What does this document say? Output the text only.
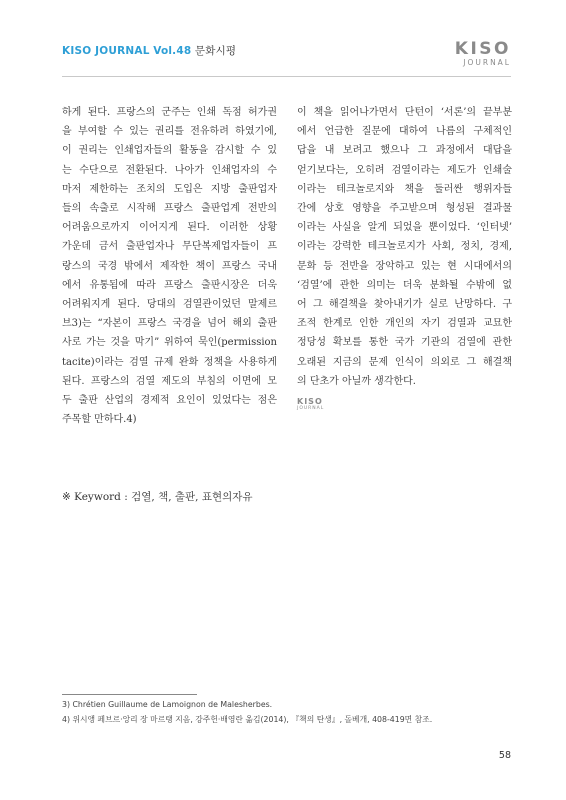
KISO JOURNAL Vol.48 문화시평	KISO
JOURNAL
하게 된다. 프랑스의 군주는 인쇄 독점 허가권
을 부여할 수 있는 권리를 전유하려 하였기에,
이 권리는 인쇄업자들의 활동을 감시할 수 있
는 수단으로 전환된다. 나아가 인쇄업자의 수
마저 제한하는 조치의 도입은 지방 출판업자
들의 속출로 시작해 프랑스 출판업계 전반의
어려움으로까지 이어지게 된다. 이러한 상황
가운데 금서 출판업자나 무단복제업자들이 프
랑스의 국경 밖에서 제작한 책이 프랑스 국내
에서 유통됨에 따라 프랑스 출판시장은 더욱
어려워지게 된다. 당대의 검열관이었던 말제르
브3)는 “자본이 프랑스 국경을 넘어 해외 출판
사로 가는 것을 막기” 위하여 묵인(permission
tacite)이라는 검열 규제 완화 정책을 사용하게
된다. 프랑스의 검열 제도의 부침의 이면에 모
두 출판 산업의 경제적 요인이 있었다는 점은
주목할 만하다.4)
이 책을 읽어나가면서 단턴이 ‘서론’의 끝부분
에서 언급한 질문에 대하여 나름의 구체적인
답을 내 보려고 했으나 그 과정에서 대답을
얻기보다는, 오히려 검열이라는 제도가 인쇄술
이라는 테크놀로지와 책을 둘러싼 행위자들
간에 상호 영향을 주고받으며 형성된 결과물
이라는 사실을 알게 되었을 뿐이었다. ‘인터넷’
이라는 강력한 테크놀로지가 사회, 정치, 경제,
문화 등 전반을 장악하고 있는 현 시대에서의
‘검열’에 관한 의미는 더욱 분화될 수밖에 없
어 그 해결책을 찾아내기가 실로 난망하다. 구
조적 한계로 인한 개인의 자기 검열과 교묘한
정당성 확보를 통한 국가 기관의 검열에 관한
오래된 지금의 문제 인식이 의외로 그 해결책
의 단초가 아닐까 생각한다.
KISO
JOURNAL
※ Keyword : 검열, 책, 출판, 표현의자유
3) Chrétien Guillaume de Lamoignon de Malesherbes.
4) 위시앵 페브르·앙리 장 마르탱 지음, 강주헌·배영란 옮김(2014), 『책의 탄생』, 돌베개, 408-419면 참조.
58
